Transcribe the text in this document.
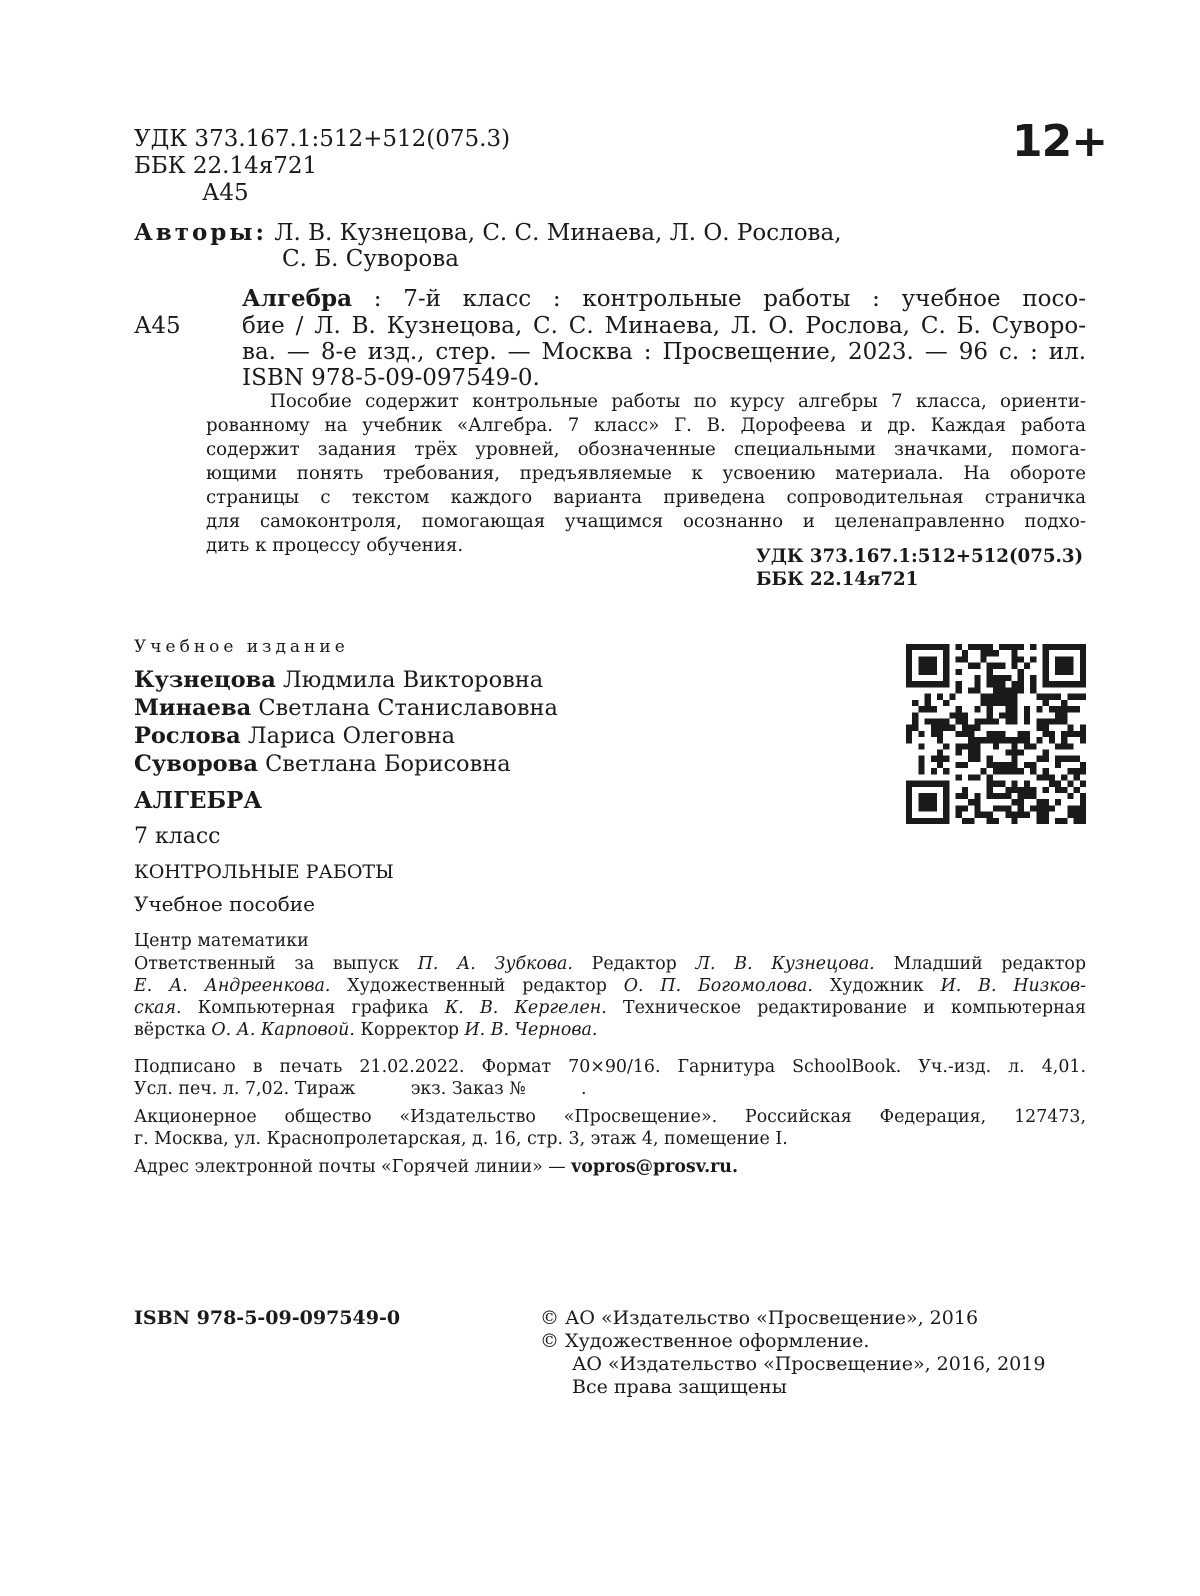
УДК 373.167.1:512+512(075.3)
ББК 22.14я721
А45
12+
Авторы: Л. В. Кузнецова, С. С. Минаева, Л. О. Рослова,
С. Б. Суворова
Алгебра : 7-й класс : контрольные работы : учебное посо-
А45	бие / Л. В. Кузнецова, С. С. Минаева, Л. О. Рослова, С. Б. Суворо-
ва. — 8-е изд., стер. — Москва : Просвещение, 2023. — 96 с. : ил.
ISBN 978-5-09-097549-0.
Пособие содержит контрольные работы по курсу алгебры 7 класса, ориенти-
рованному на учебник «Алгебра. 7 класс» Г. В. Дорофеева и др. Каждая работа
содержит задания трёх уровней, обозначенные специальными значками, помога-
ющими понять требования, предъявляемые к усвоению материала. На обороте
страницы с текстом каждого варианта приведена сопроводительная страничка
для самоконтроля, помогающая учащимся осознанно и целенаправленно подхо-
дить к процессу обучения.
УДК 373.167.1:512+512(075.3)
ББК 22.14я721
Учебное издание
Кузнецова Людмила Викторовна
Минаева Светлана Станиславовна
Рослова Лариса Олеговна
Суворова Светлана Борисовна
АЛГЕБРА
7 класс
КОНТРОЛЬНЫЕ РАБОТЫ
Учебное пособие
Центр математики
Ответственный за выпуск П. А. Зубкова. Редактор Л. В. Кузнецова. Младший редактор
Е. А. Андреенкова. Художественный редактор О. П. Богомолова. Художник И. В. Низков-
ская. Компьютерная графика К. В. Кергелен. Техническое редактирование и компьютерная
вёрстка О. А. Карповой. Корректор И. В. Чернова.
Подписано в печать 21.02.2022. Формат 70×90/16. Гарнитура SchoolBook. Уч.-изд. л. 4,01.
Усл. печ. л. 7,02. Тираж          экз. Заказ №          .
Акционерное общество «Издательство «Просвещение». Российская Федерация, 127473,
г. Москва, ул. Краснопролетарская, д. 16, стр. 3, этаж 4, помещение I.
Адрес электронной почты «Горячей линии» — vopros@prosv.ru.
ISBN 978-5-09-097549-0	© АО «Издательство «Просвещение», 2016
© Художественное оформление.
АО «Издательство «Просвещение», 2016, 2019
Все права защищены
